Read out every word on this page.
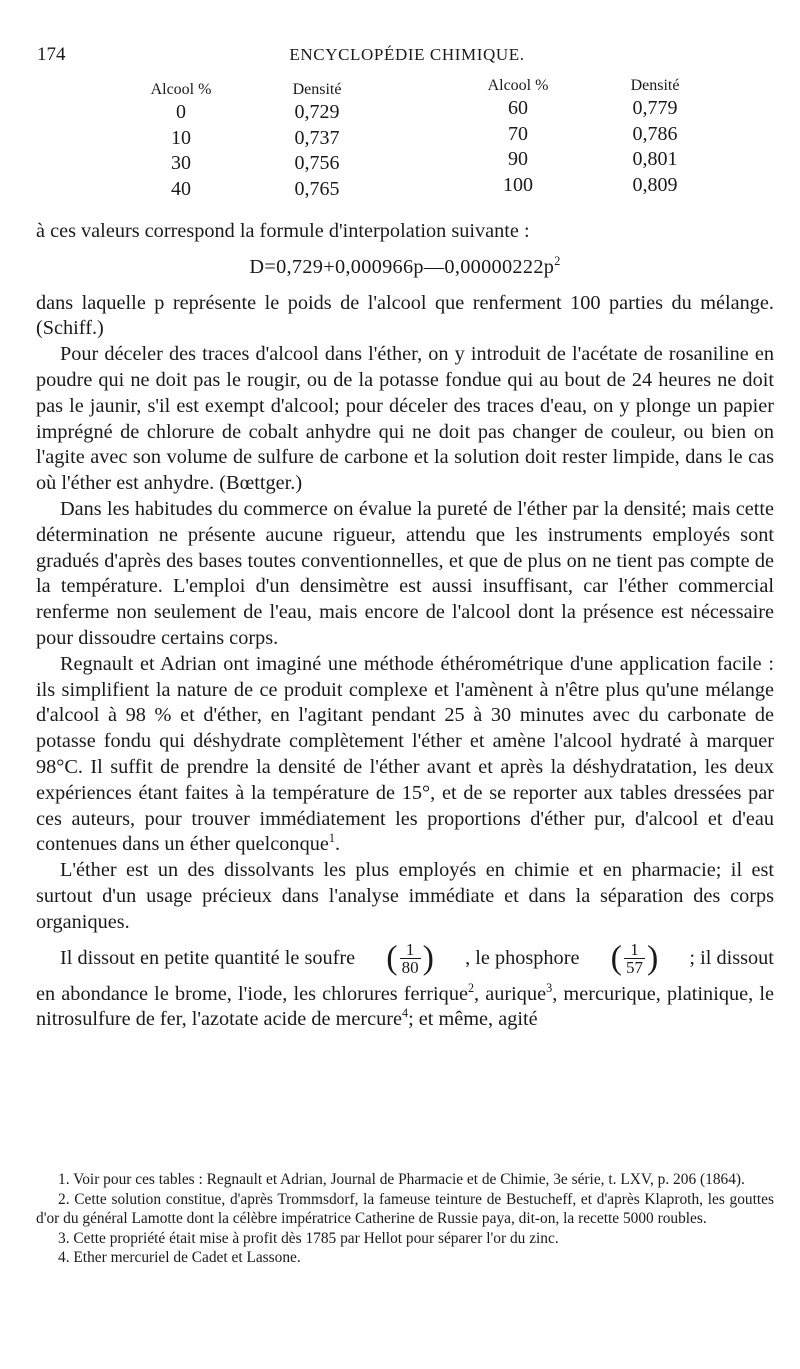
174	ENCYCLOPÉDIE CHIMIQUE.
Alcool %
0
10
30
40
Densité
0,729
0,737
0,756
0,765
Alcool %
60
70
90
100
Densité
0,779
0,786
0,801
0,809

à ces valeurs correspond la formule d'interpolation suivante :

$D=0,729+0,000966p—0,00000222p^2$

dans laquelle p représente le poids de l'alcool que renferment 100 parties du mélange. (Schiff.)

Pour déceler des traces d'alcool dans l'éther, on y introduit de l'acétate de rosaniline en poudre qui ne doit pas le rougir, ou de la potasse fondue qui au bout de 24 heures ne doit pas le jaunir, s'il est exempt d'alcool; pour déceler des traces d'eau, on y plonge un papier imprégné de chlorure de cobalt anhydre qui ne doit pas changer de couleur, ou bien on l'agite avec son volume de sulfure de carbone et la solution doit rester limpide, dans le cas où l'éther est anhydre. (Bœttger.)

Dans les habitudes du commerce on évalue la pureté de l'éther par la densité; mais cette détermination ne présente aucune rigueur, attendu que les instruments employés sont gradués d'après des bases toutes conventionnelles, et que de plus on ne tient pas compte de la température. L'emploi d'un densimètre est aussi insuffisant, car l'éther commercial renferme non seulement de l'eau, mais encore de l'alcool dont la présence est nécessaire pour dissoudre certains corps.

Regnault et Adrian ont imaginé une méthode éthérométrique d'une application facile : ils simplifient la nature de ce produit complexe et l'amènent à n'être plus qu'une mélange d'alcool à 98 % et d'éther, en l'agitant pendant 25 à 30 minutes avec du carbonate de potasse fondu qui déshydrate complètement l'éther et amène l'alcool hydraté à marquer 98°C. Il suffit de prendre la densité de l'éther avant et après la déshydratation, les deux expériences étant faites à la température de 15°, et de se reporter aux tables dressées par ces auteurs, pour trouver immédiatement les proportions d'éther pur, d'alcool et d'eau contenues dans un éther quelconque$^1$.

L'éther est un des dissolvants les plus employés en chimie et en pharmacie; il est surtout d'un usage précieux dans l'analyse immédiate et dans la séparation des corps organiques.

Il dissout en petite quantité le soufre ( $\frac{1}{80}$ ) , le phosphore ( $\frac{1}{57}$ ) ; il dissout

en abondance le brome, l'iode, les chlorures ferrique$^2$, aurique$^3$, mercurique, platinique, le nitrosulfure de fer, l'azotate acide de mercure$^4$; et même, agité

1. Voir pour ces tables : Regnault et Adrian, Journal de Pharmacie et de Chimie, 3e série, t. LXV, p. 206 (1864).

2. Cette solution constitue, d'après Trommsdorf, la fameuse teinture de Bestucheff, et d'après Klaproth, les gouttes d'or du général Lamotte dont la célèbre impératrice Catherine de Russie paya, dit-on, la recette 5000 roubles.

3. Cette propriété était mise à profit dès 1785 par Hellot pour séparer l'or du zinc.

4. Ether mercuriel de Cadet et Lassone.
